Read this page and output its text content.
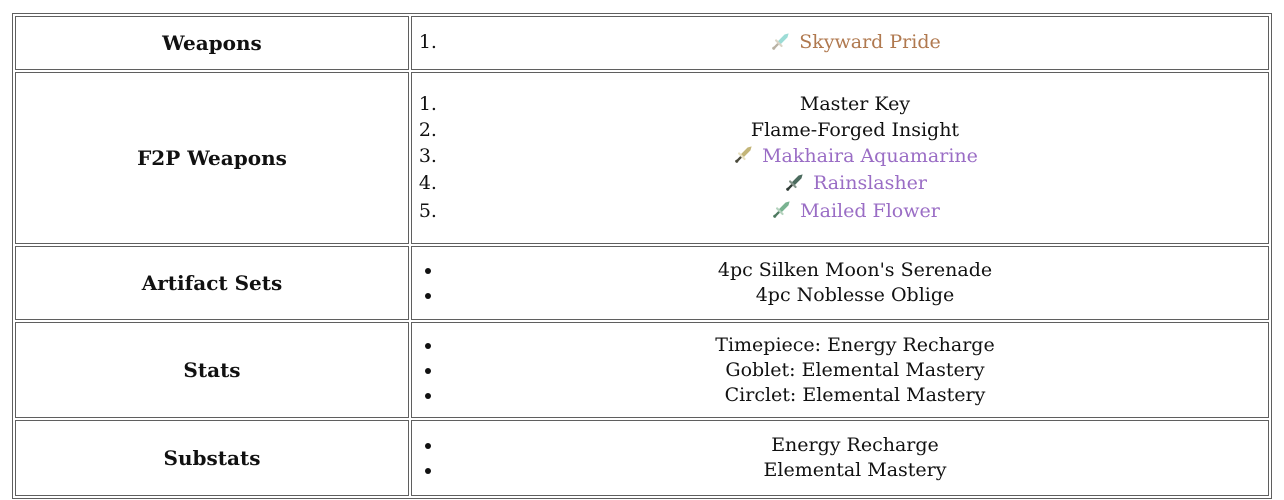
Weapons	
1.Skyward Pride

F2P Weapons	
1. Master Key
2. Flame-Forged Insight
3. Makhaira Aquamarine
4. Rainslasher
5. Mailed Flower

Artifact Sets	
• 4pc Silken Moon's Serenade
• 4pc Noblesse Oblige

Stats	
• Timepiece: Energy Recharge
• Goblet: Elemental Mastery
• Circlet: Elemental Mastery

Substats	
• Energy Recharge
• Elemental Mastery
